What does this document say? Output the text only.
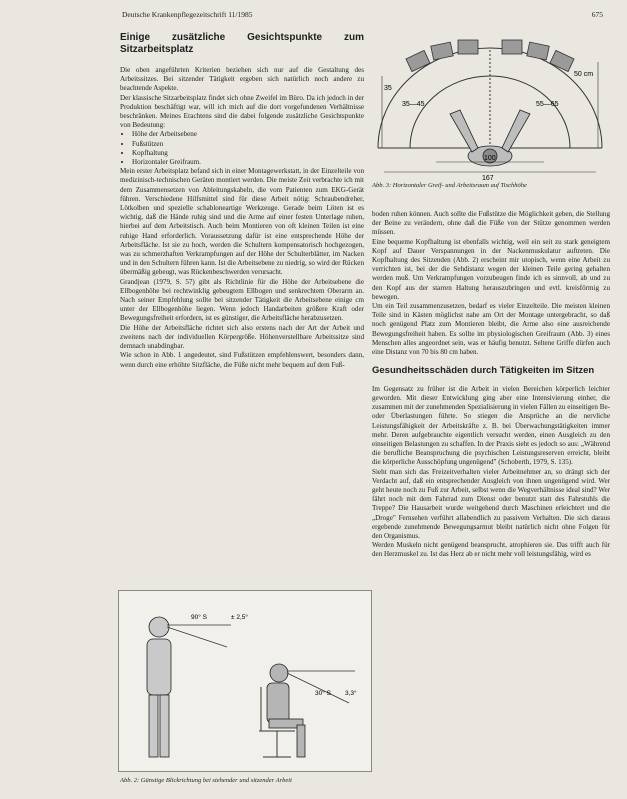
Deutsche Krankenpflegezeitschrift 11/1985	675
Einige zusätzliche Gesichtspunkte zum Sitzarbeitsplatz

Die oben angeführten Kriterien beziehen sich nur auf die Gestaltung des Arbeitssitzes. Bei sitzender Tätigkeit ergeben sich natürlich noch andere zu beachtende Aspekte.

Der klassische Sitzarbeitsplatz findet sich ohne Zweifel im Büro. Da ich jedoch in der Produktion beschäftigt war, will ich mich auf die dort vorgefundenen Verhältnisse beschränken. Meines Erachtens sind die dabei folgende zusätzliche Gesichtspunkte von Bedeutung:

• Höhe der Arbeitsebene
• Fußstützen
• Kopfhaltung
• Horizontaler Greifraum.

Mein erster Arbeitsplatz befand sich in einer Montagewerkstatt, in der Einzelteile von medizinisch-technischen Geräten montiert werden. Die meiste Zeit verbrachte ich mit dem Zusammensetzen von Ableitungskabeln, die vom Patienten zum EKG-Gerät führen. Verschiedene Hilfsmittel sind für diese Arbeit nötig: Schraubendreher, Lötkolben und spezielle schabloneartige Werkzeuge. Gerade beim Löten ist es wichtig, daß die Hände ruhig sind und die Arme auf einer festen Unterlage ruhen, hierbei auf dem Arbeitstisch. Auch beim Montieren von oft kleinen Teilen ist eine ruhige Hand erforderlich. Voraussetzung dafür ist eine entsprechende Höhe der Arbeitsfläche. Ist sie zu hoch, werden die Schultern kompensatorisch hochgezogen, was zu schmerzhaften Verkrampfungen auf der Höhe der Schulterblätter, im Nacken und in den Schultern führen kann. Ist die Arbeitsebene zu niedrig, so wird der Rücken übermäßig gebeugt, was Rückenbeschwerden verursacht.

Grandjean (1979, S. 57) gibt als Richtlinie für die Höhe der Arbeitsebene die Ellbogenhöhe bei rechtwinklig gebeugtem Ellbogen und senkrechtem Oberarm an. Nach seiner Empfehlung sollte bei sitzender Tätigkeit die Arbeitsebene einige cm unter der Ellbogenhöhe liegen. Wenn jedoch Handarbeiten größere Kraft oder Bewegungsfreiheit erfordern, ist es günstiger, die Arbeitsfläche herabzusetzen.

Die Höhe der Arbeitsfläche richtet sich also erstens nach der Art der Arbeit und zweitens nach der individuellen Körpergröße. Höhenverstellbare Arbeitssitze sind demnach unabdingbar.

Wie schon in Abb. 1 angedeutet, sind Fußstützen empfehlenswert, besonders dann, wenn durch eine erhöhte Sitzfläche, die Füße nicht mehr bequem auf dem Fuß-

35
50 cm
35—45	55—65
100
167
Abb. 3: Horizontaler Greif- und Arbeitsraum auf Tischhöhe

boden ruhen können. Auch sollte die Fußstütze die Möglichkeit geben, die Stellung der Beine zu verändern, ohne daß die Füße von der Stütze genommen werden müssen.

Eine bequeme Kopfhaltung ist ebenfalls wichtig, weil ein seit zu stark geneigtem Kopf auf Dauer Verspannungen in der Nackenmuskulatur auftreten. Die Kopfhaltung des Sitzenden (Abb. 2) erscheint mir utopisch, wenn eine Arbeit zu verrichten ist, bei der die Sehdistanz wegen der kleinen Teile gering gehalten werden muß. Um Verkrampfungen vorzubeugen finde ich es sinnvoll, ab und zu den Kopf aus der starren Haltung herauszubringen und evtl. kreisförmig zu bewegen.

Um ein Teil zusammenzusetzen, bedarf es vieler Einzelteile. Die meisten kleinen Teile sind in Kästen möglichst nahe am Ort der Montage untergebracht, so daß noch genügend Platz zum Montieren bleibt, die Arme also eine ausreichende Bewegungsfreiheit haben. Es sollte im physiologischen Greifraum (Abb. 3) eines Menschen alles angeordnet sein, was er häufig benutzt. Seltene Griffe dürfen auch eine Distanz von 70 bis 80 cm haben.

Gesundheitsschäden durch Tätigkeiten im Sitzen

Im Gegensatz zu früher ist die Arbeit in vielen Bereichen körperlich leichter geworden. Mit dieser Entwicklung ging aber eine Intensivierung einher, die zusammen mit der zunehmenden Spezialisierung in vielen Fällen zu einseitigen Be- oder Überlastungen führte. So stiegen die Ansprüche an die nervliche Leistungsfähigkeit der Arbeitskräfte z. B. bei Überwachungstätigkeiten immer mehr. Deren aufgebrauchte eigentlich versucht werden, einen Ausgleich zu den einseitigen Belastungen zu schaffen. In der Praxis sieht es jedoch so aus: „Während die berufliche Beanspruchung die psychischen Leistungsreserven erreicht, bleibt die körperliche Ausschöpfung ungenügend" (Schoberth, 1979, S. 135).

Sieht man sich das Freizeitverhalten vieler Arbeitnehmer an, so drängt sich der Verdacht auf, daß ein entsprechender Ausgleich von ihnen ungenügend wird. Wer geht heute noch zu Fuß zur Arbeit, selbst wenn die Wegverhältnisse ideal sind? Wer fährt noch mit dem Fahrrad zum Dienst oder benutzt statt des Fahrstuhls die Treppe? Die Hausarbeit wurde weitgehend durch Maschinen erleichtert und die „Droge" Fernsehen verführt allabendlich zu passivem Verhalten. Die sich daraus ergebende zunehmende Bewegungsarmut bleibt natürlich nicht ohne Folgen für den Organismus.

Werden Muskeln nicht genügend beansprucht, atrophieren sie. Das trifft auch für den Herzmuskel zu. Ist das Herz ab er nicht mehr voll leistungsfähig, wird es

90° S	± 2,5°
30° S 3,3°
Abb. 2: Günstige Blickrichtung bei stehender und sitzender Arbeit
